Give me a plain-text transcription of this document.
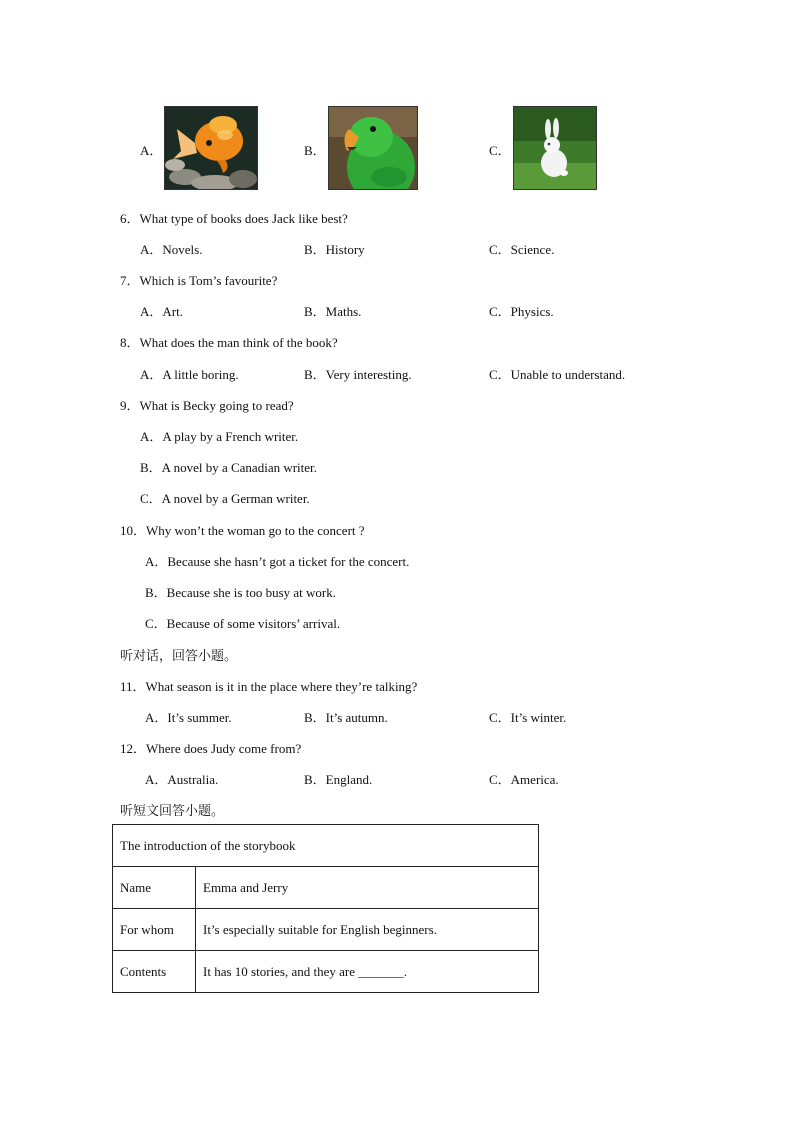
A．	B．	C．
6．What type of books does Jack like best?
A．Novels.	B．History	C．Science.
7．Which is Tom’s favourite?
A．Art.	B．Maths.	C．Physics.
8．What does the man think of the book?
A．A little boring.	B．Very interesting.	C．Unable to understand.
9．What is Becky going to read?
A．A play by a French writer.
B．A novel by a Canadian writer.
C．A novel by a German writer.
10．Why won’t the woman go to the concert ?
A．Because she hasn’t got a ticket for the concert.
B．Because she is too busy at work.
C．Because of some visitors’ arrival.
听对话，回答小题。
11．What season is it in the place where they’re talking?
A．It’s summer.	B．It’s autumn.	C．It’s winter.
12．Where does Judy come from?
A．Australia.	B．England.	C．America.
听短文回答小题。
The introduction of the storybook	
Name	Emma and Jerry
For whom	It’s especially suitable for English beginners.
Contents	It has 10 stories, and they are _______.
